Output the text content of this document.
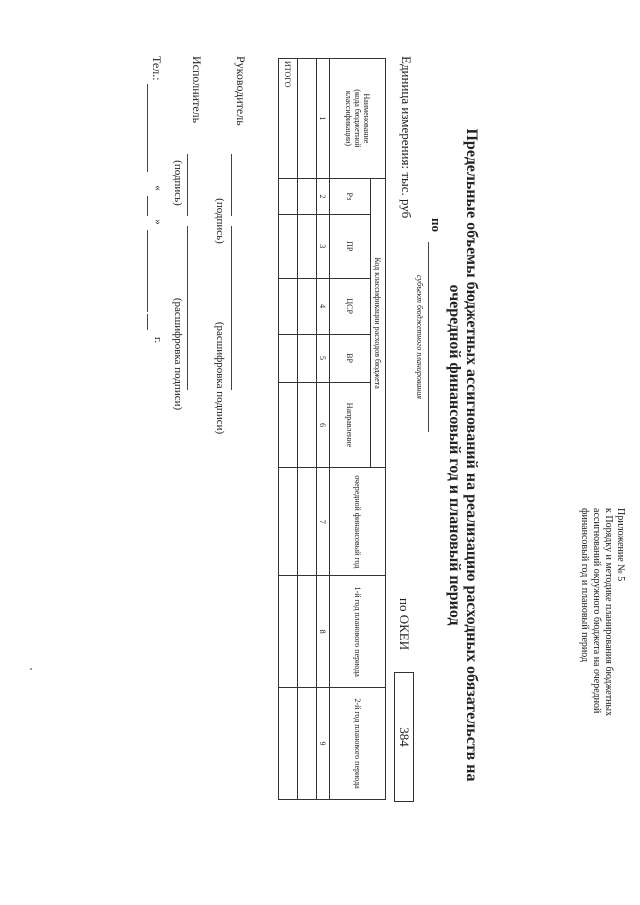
Приложение № 5
к Порядку и методике планирования бюджетных
ассигнований окружного бюджета на очередной
финансовый год и плановый период
Предельные объемы бюджетных ассигнований на реализацию расходных обязательств на
очередной финансовый год и плановый период
по
субъект бюджетного планирования
Единица измерения: тыс. руб
по ОКЕИ
384
Наименование
(кода бюджетной классификации)	Код классификации расходов бюджета					очередной финансовый год	1-й год планового периода	2-й год планового периода
	Рз	ПР	ЦСР	ВР	Направление			
1	2	3	4	5	6	7	8	9

ИТОГО								
Руководитель
(подпись)
(расшифровка подписи)
Исполнитель
(подпись)
(расшифровка подписи)
Тел.:
«
»
г.
